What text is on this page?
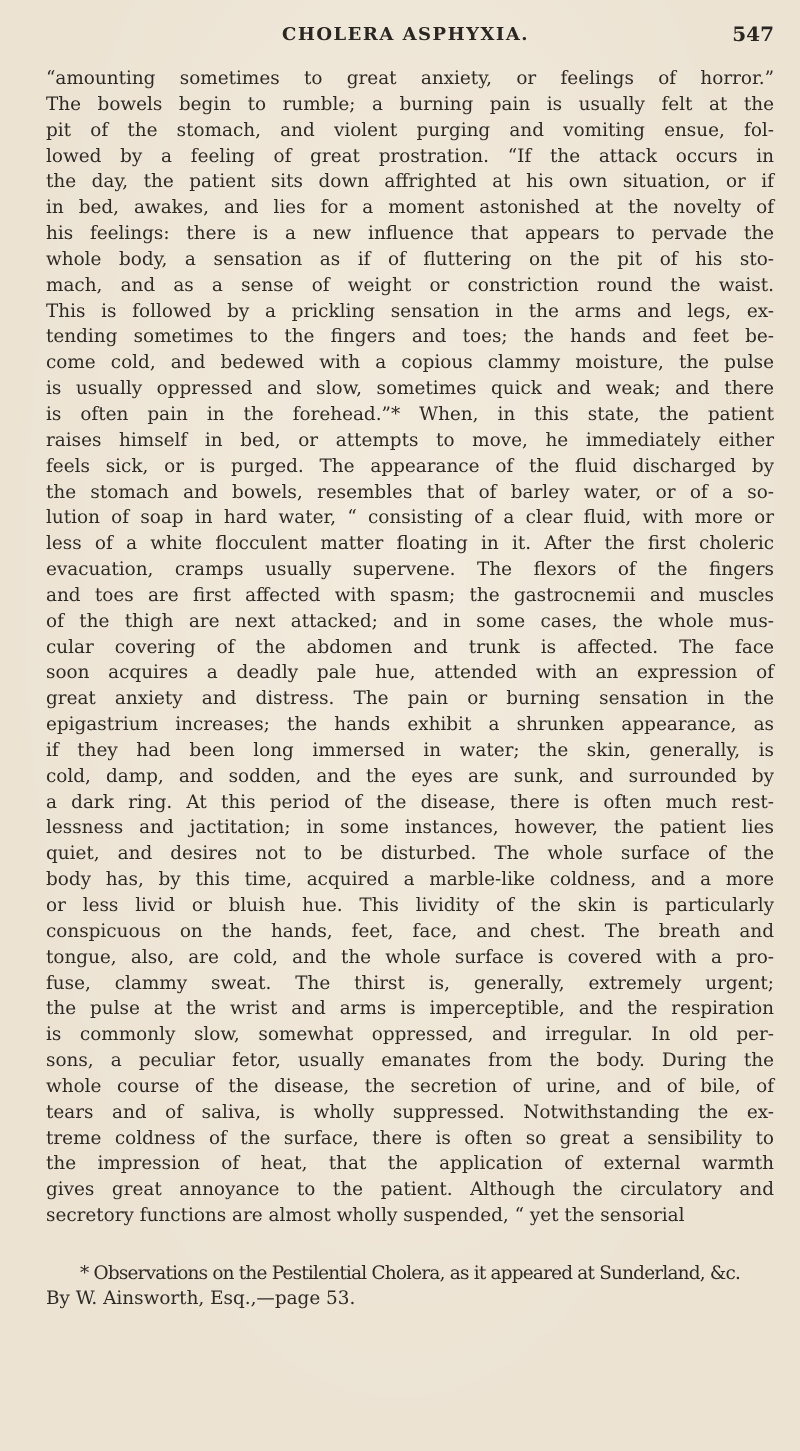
CHOLERA ASPHYXIA.	547
“amounting sometimes to great anxiety, or feelings of horror.”
The bowels begin to rumble; a burning pain is usually felt at the
pit of the stomach, and violent purging and vomiting ensue, fol-
lowed by a feeling of great prostration. “If the attack occurs in
the day, the patient sits down affrighted at his own situation, or if
in bed, awakes, and lies for a moment astonished at the novelty of
his feelings: there is a new influence that appears to pervade the
whole body, a sensation as if of fluttering on the pit of his sto-
mach, and as a sense of weight or constriction round the waist.
This is followed by a prickling sensation in the arms and legs, ex-
tending sometimes to the fingers and toes; the hands and feet be-
come cold, and bedewed with a copious clammy moisture, the pulse
is usually oppressed and slow, sometimes quick and weak; and there
is often pain in the forehead.”* When, in this state, the patient
raises himself in bed, or attempts to move, he immediately either
feels sick, or is purged. The appearance of the fluid discharged by
the stomach and bowels, resembles that of barley water, or of a so-
lution of soap in hard water, “ consisting of a clear fluid, with more or
less of a white flocculent matter floating in it. After the first choleric
evacuation, cramps usually supervene. The flexors of the fingers
and toes are first affected with spasm; the gastrocnemii and muscles
of the thigh are next attacked; and in some cases, the whole mus-
cular covering of the abdomen and trunk is affected. The face
soon acquires a deadly pale hue, attended with an expression of
great anxiety and distress. The pain or burning sensation in the
epigastrium increases; the hands exhibit a shrunken appearance, as
if they had been long immersed in water; the skin, generally, is
cold, damp, and sodden, and the eyes are sunk, and surrounded by
a dark ring. At this period of the disease, there is often much rest-
lessness and jactitation; in some instances, however, the patient lies
quiet, and desires not to be disturbed. The whole surface of the
body has, by this time, acquired a marble-like coldness, and a more
or less livid or bluish hue. This lividity of the skin is particularly
conspicuous on the hands, feet, face, and chest. The breath and
tongue, also, are cold, and the whole surface is covered with a pro-
fuse, clammy sweat. The thirst is, generally, extremely urgent;
the pulse at the wrist and arms is imperceptible, and the respiration
is commonly slow, somewhat oppressed, and irregular. In old per-
sons, a peculiar fetor, usually emanates from the body. During the
whole course of the disease, the secretion of urine, and of bile, of
tears and of saliva, is wholly suppressed. Notwithstanding the ex-
treme coldness of the surface, there is often so great a sensibility to
the impression of heat, that the application of external warmth
gives great annoyance to the patient. Although the circulatory and
secretory functions are almost wholly suspended, “ yet the sensorial
* Observations on the Pestilential Cholera, as it appeared at Sunderland, &c.
By W. Ainsworth, Esq.,—page 53.
